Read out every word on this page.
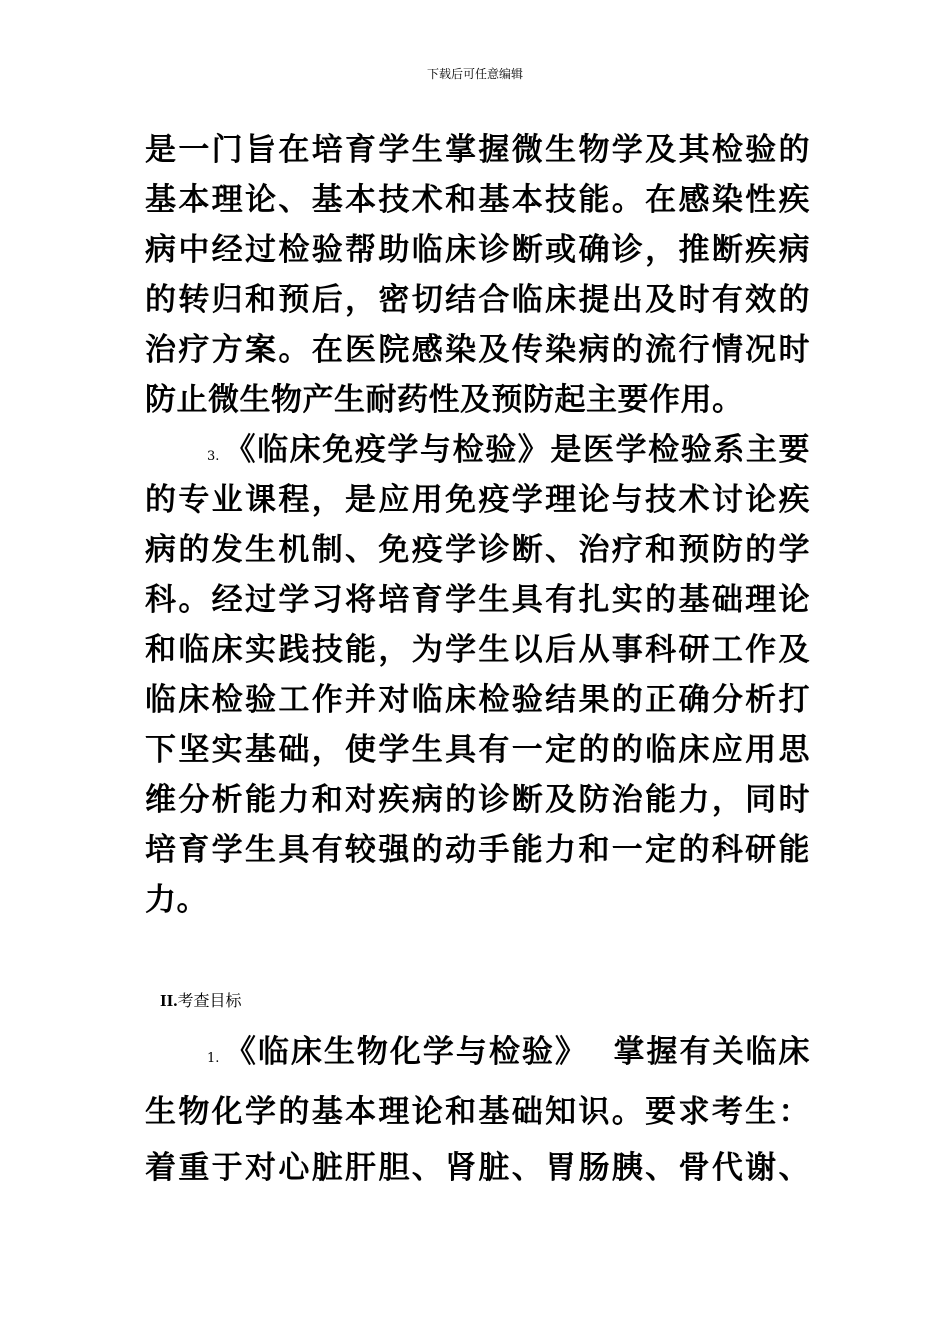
下载后可任意编辑
是一门旨在培育学生掌握微生物学及其检验的
基本理论、基本技术和基本技能。在感染性疾
病中经过检验帮助临床诊断或确诊，推断疾病
的转归和预后，密切结合临床提出及时有效的
治疗方案。在医院感染及传染病的流行情况时
防止微生物产生耐药性及预防起主要作用。
3. 《临床免疫学与检验》是医学检验系主要
的专业课程，是应用免疫学理论与技术讨论疾
病的发生机制、免疫学诊断、治疗和预防的学
科。经过学习将培育学生具有扎实的基础理论
和临床实践技能，为学生以后从事科研工作及
临床检验工作并对临床检验结果的正确分析打
下坚实基础，使学生具有一定的的临床应用思
维分析能力和对疾病的诊断及防治能力，同时
培育学生具有较强的动手能力和一定的科研能
力。
II.考查目标
1. 《临床生物化学与检验》  掌握有关临床
生物化学的基本理论和基础知识。要求考生：
着重于对心脏肝胆、肾脏、胃肠胰、骨代谢、
